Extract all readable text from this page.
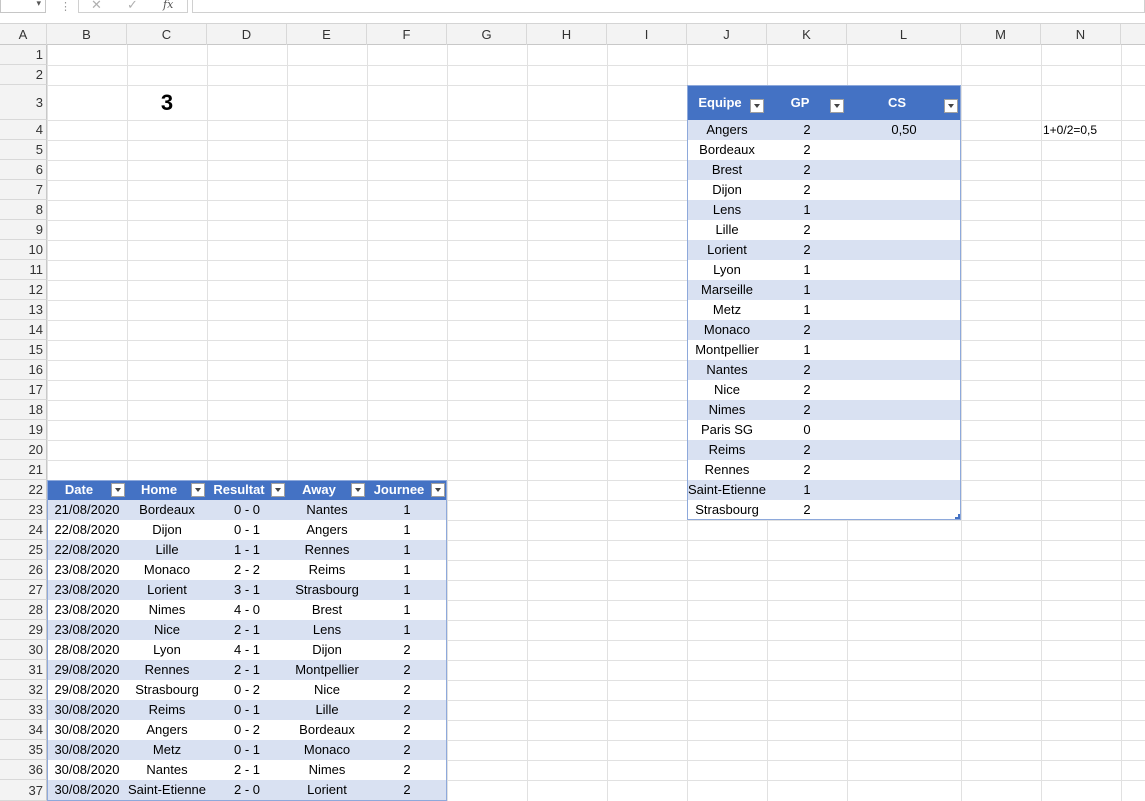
▾ ⋮ ✕ ✓ fx
A	B	C	D	E	F	G	H	I	J	K	L	M	N
1
2
3
4
5
6
7
8
9
10
11
12
13
14
15
16
17
18
19
20
21
22
23
24
25
26
27
28
29
30
31
32
33
34
35
36
37
3
1+0/2=0,5
Equipe	GP	CS
Angers	2	0,50
Bordeaux	2
Brest	2
Dijon	2
Lens	1
Lille	2
Lorient	2
Lyon	1
Marseille	1
Metz	1
Monaco	2
Montpellier	1
Nantes	2
Nice	2
Nimes	2
Paris SG	0
Reims	2
Rennes	2
Saint-Etienne	1
Strasbourg	2
Date	Home	Resultat	Away	Journee
21/08/2020	Bordeaux	0 - 0	Nantes	1
22/08/2020	Dijon	0 - 1	Angers	1
22/08/2020	Lille	1 - 1	Rennes	1
23/08/2020	Monaco	2 - 2	Reims	1
23/08/2020	Lorient	3 - 1	Strasbourg	1
23/08/2020	Nimes	4 - 0	Brest	1
23/08/2020	Nice	2 - 1	Lens	1
28/08/2020	Lyon	4 - 1	Dijon	2
29/08/2020	Rennes	2 - 1	Montpellier	2
29/08/2020	Strasbourg	0 - 2	Nice	2
30/08/2020	Reims	0 - 1	Lille	2
30/08/2020	Angers	0 - 2	Bordeaux	2
30/08/2020	Metz	0 - 1	Monaco	2
30/08/2020	Nantes	2 - 1	Nimes	2
30/08/2020 Saint-Etienne	2 - 0	Lorient	2
